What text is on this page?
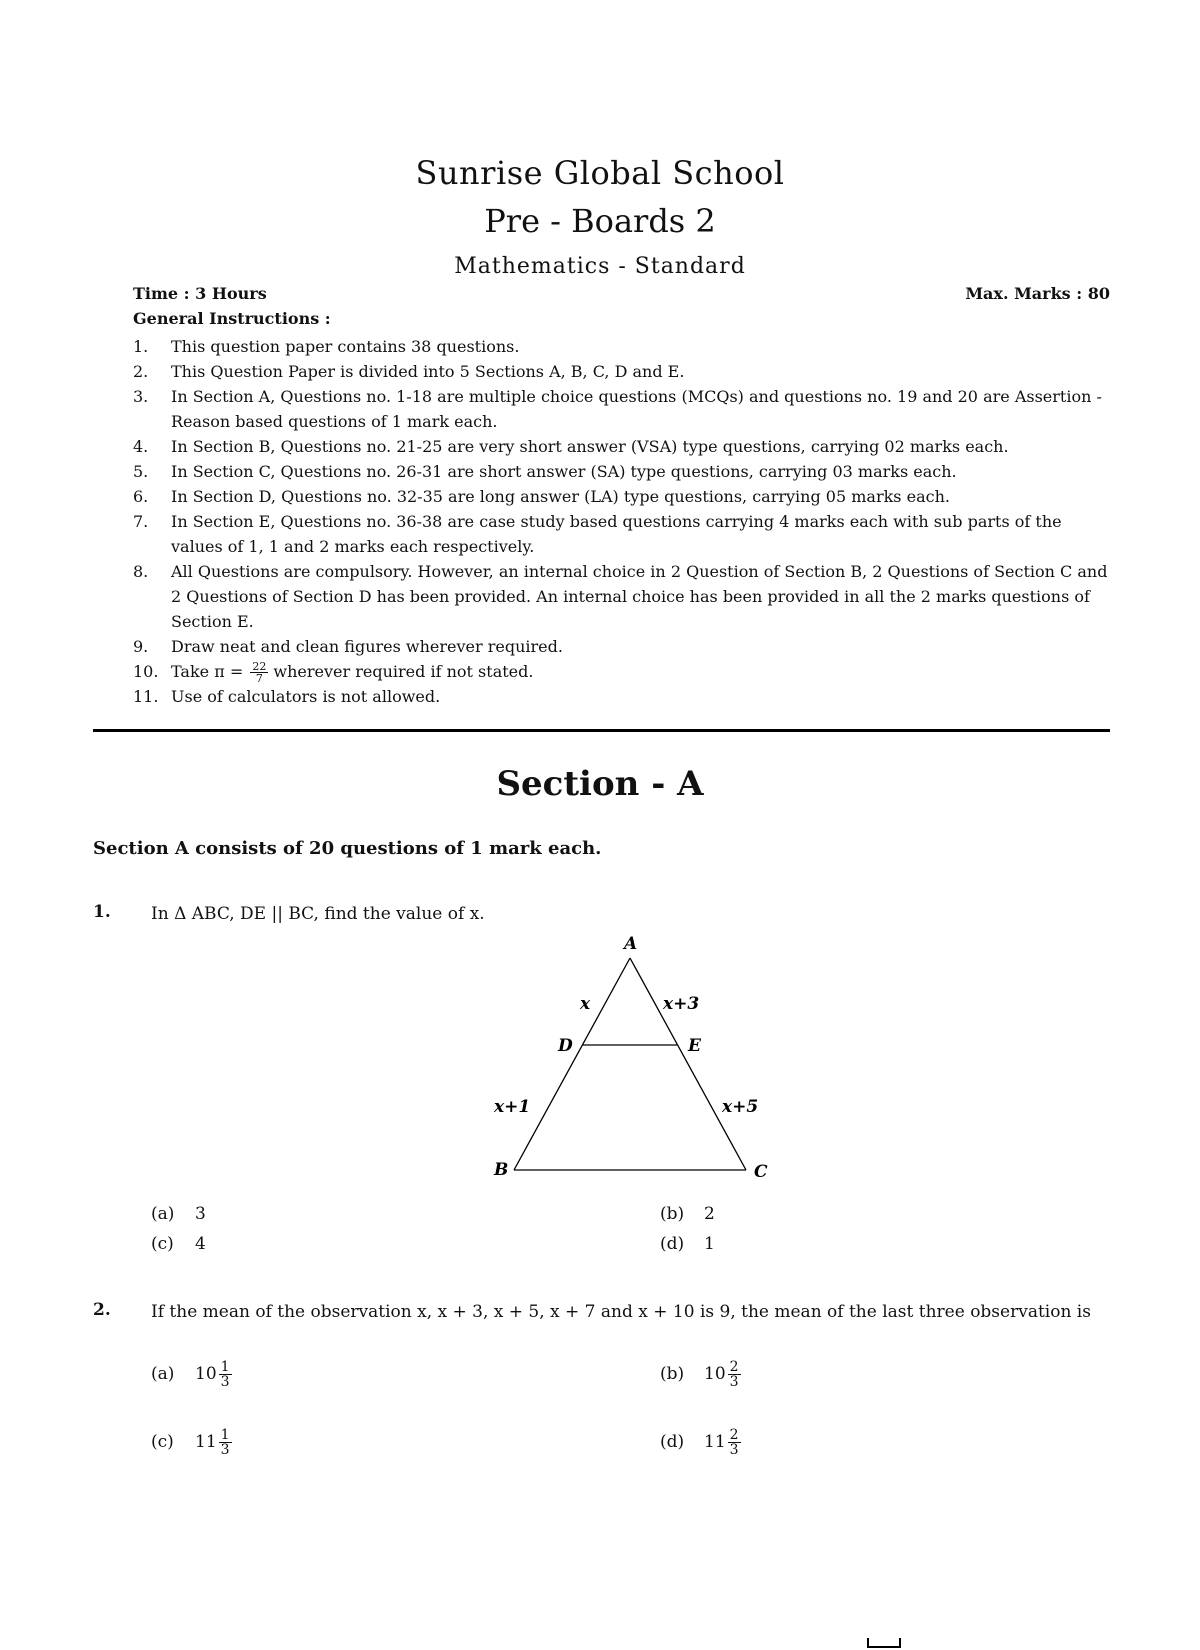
Sunrise Global School
Pre - Boards 2
Mathematics - Standard
Time : 3 Hours	Max. Marks : 80
General Instructions :
1. This question paper contains 38 questions.
2. This Question Paper is divided into 5 Sections A, B, C, D and E.
3. In Section A, Questions no. 1-18 are multiple choice questions (MCQs) and questions no. 19 and 20 are Assertion - Reason based questions of 1 mark each.
4. In Section B, Questions no. 21-25 are very short answer (VSA) type questions, carrying 02 marks each.
5. In Section C, Questions no. 26-31 are short answer (SA) type questions, carrying 03 marks each.
6. In Section D, Questions no. 32-35 are long answer (LA) type questions, carrying 05 marks each.
7. In Section E, Questions no. 36-38 are case study based questions carrying 4 marks each with sub parts of the values of 1, 1 and 2 marks each respectively.
8. All Questions are compulsory. However, an internal choice in 2 Question of Section B, 2 Questions of Section C and 2 Questions of Section D has been provided. An internal choice has been provided in all the 2 marks questions of Section E.
9. Draw neat and clean figures wherever required.
10. Take $\pi = \frac{22}{7}$ wherever required if not stated.
11. Use of calculators is not allowed.
Section - A
Section A consists of 20 questions of 1 mark each.
1. In Δ ABC, DE || BC, find the value of x.
A
D	E
B	C
x	x+3
x+1	x+5
(a) 3	(b) 2
(c) 4	(d) 1
2. If the mean of the observation x, x + 3, x + 5, x + 7 and x + 10 is 9, the mean of the last three observation is
(a) $10 \frac{1}{3}$	(b) $10 \frac{2}{3}$
(c) $11 \frac{1}{3}$	(d) $11 \frac{2}{3}$
